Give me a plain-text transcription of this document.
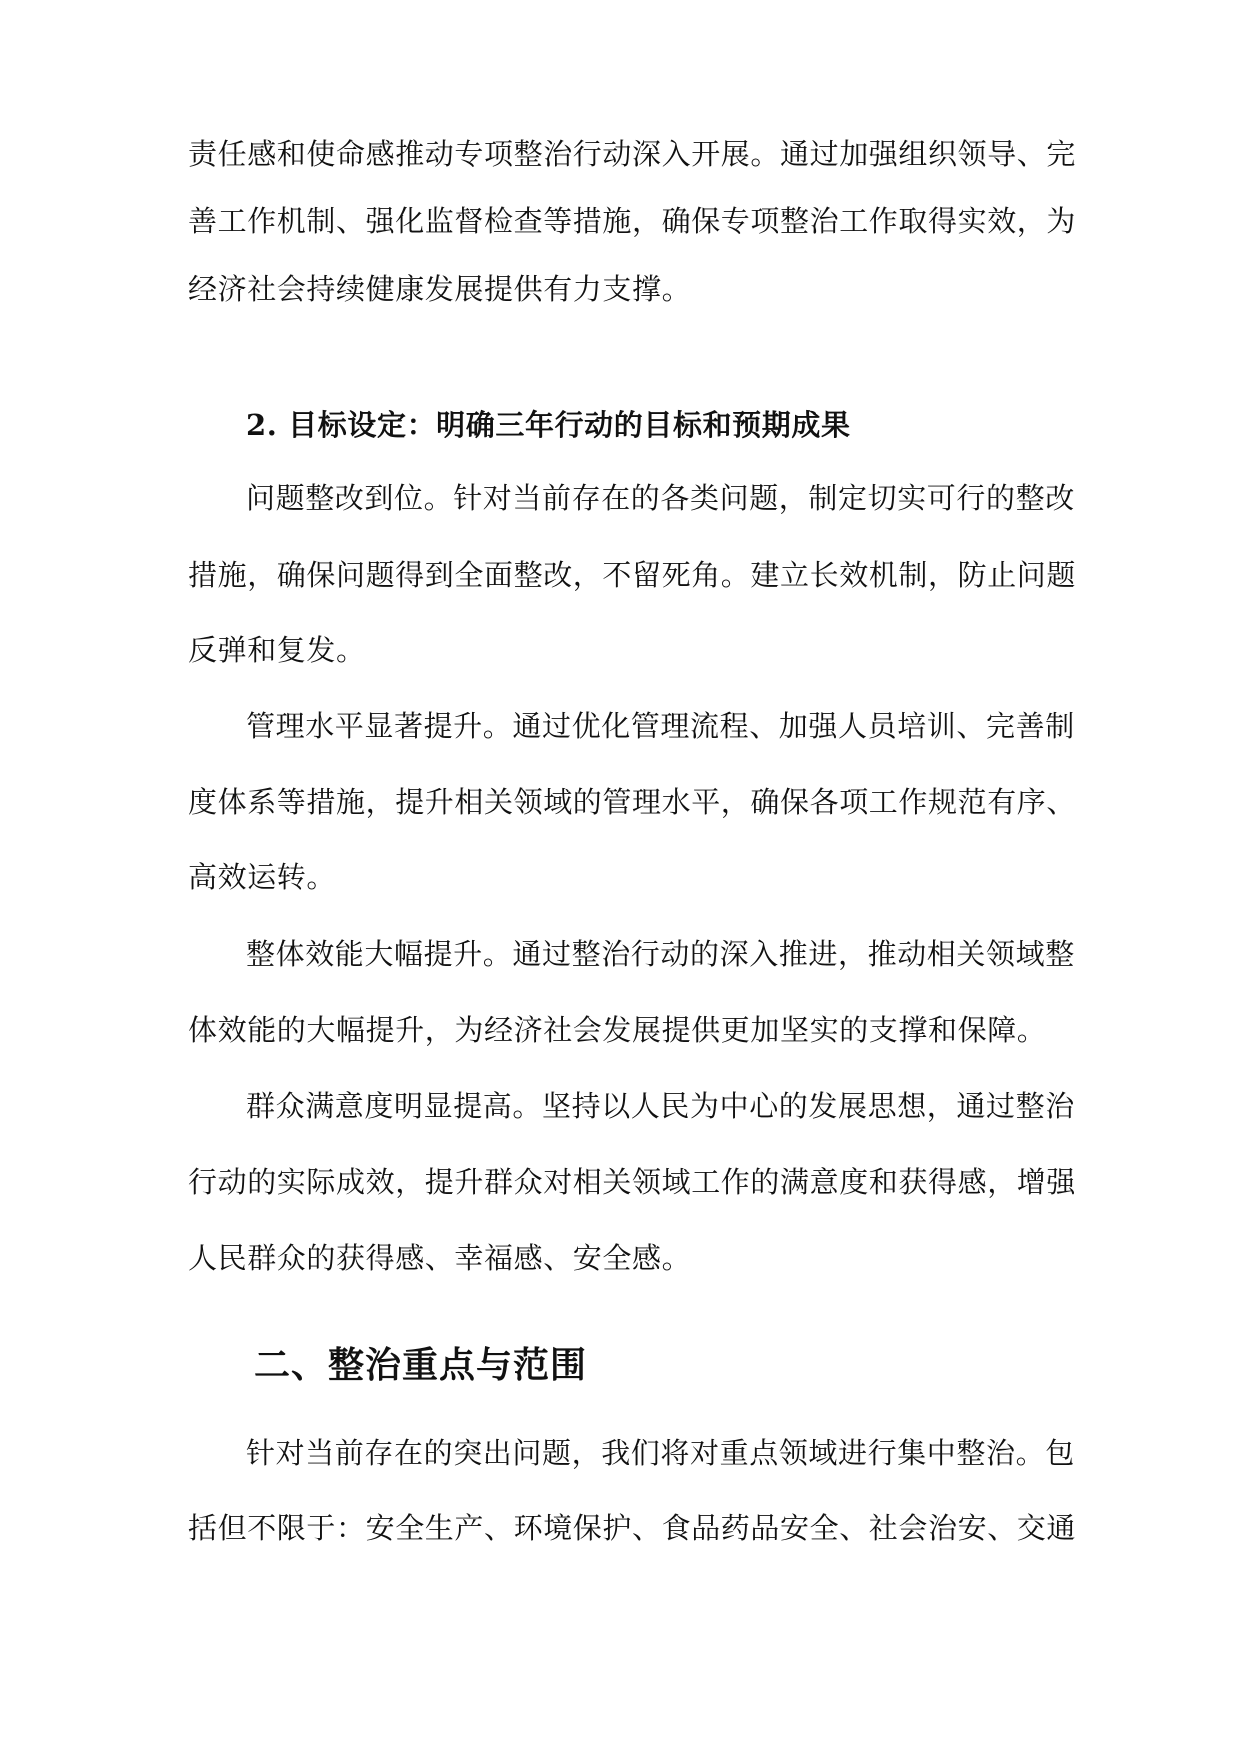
责任感和使命感推动专项整治行动深入开展。通过加强组织领导、完
善工作机制、强化监督检查等措施，确保专项整治工作取得实效，为
经济社会持续健康发展提供有力支撑。
2. 目标设定：明确三年行动的目标和预期成果
问题整改到位。针对当前存在的各类问题，制定切实可行的整改
措施，确保问题得到全面整改，不留死角。建立长效机制，防止问题
反弹和复发。
管理水平显著提升。通过优化管理流程、加强人员培训、完善制
度体系等措施，提升相关领域的管理水平，确保各项工作规范有序、
高效运转。
整体效能大幅提升。通过整治行动的深入推进，推动相关领域整
体效能的大幅提升，为经济社会发展提供更加坚实的支撑和保障。
群众满意度明显提高。坚持以人民为中心的发展思想，通过整治
行动的实际成效，提升群众对相关领域工作的满意度和获得感，增强
人民群众的获得感、幸福感、安全感。
二、整治重点与范围
针对当前存在的突出问题，我们将对重点领域进行集中整治。包
括但不限于：安全生产、环境保护、食品药品安全、社会治安、交通
